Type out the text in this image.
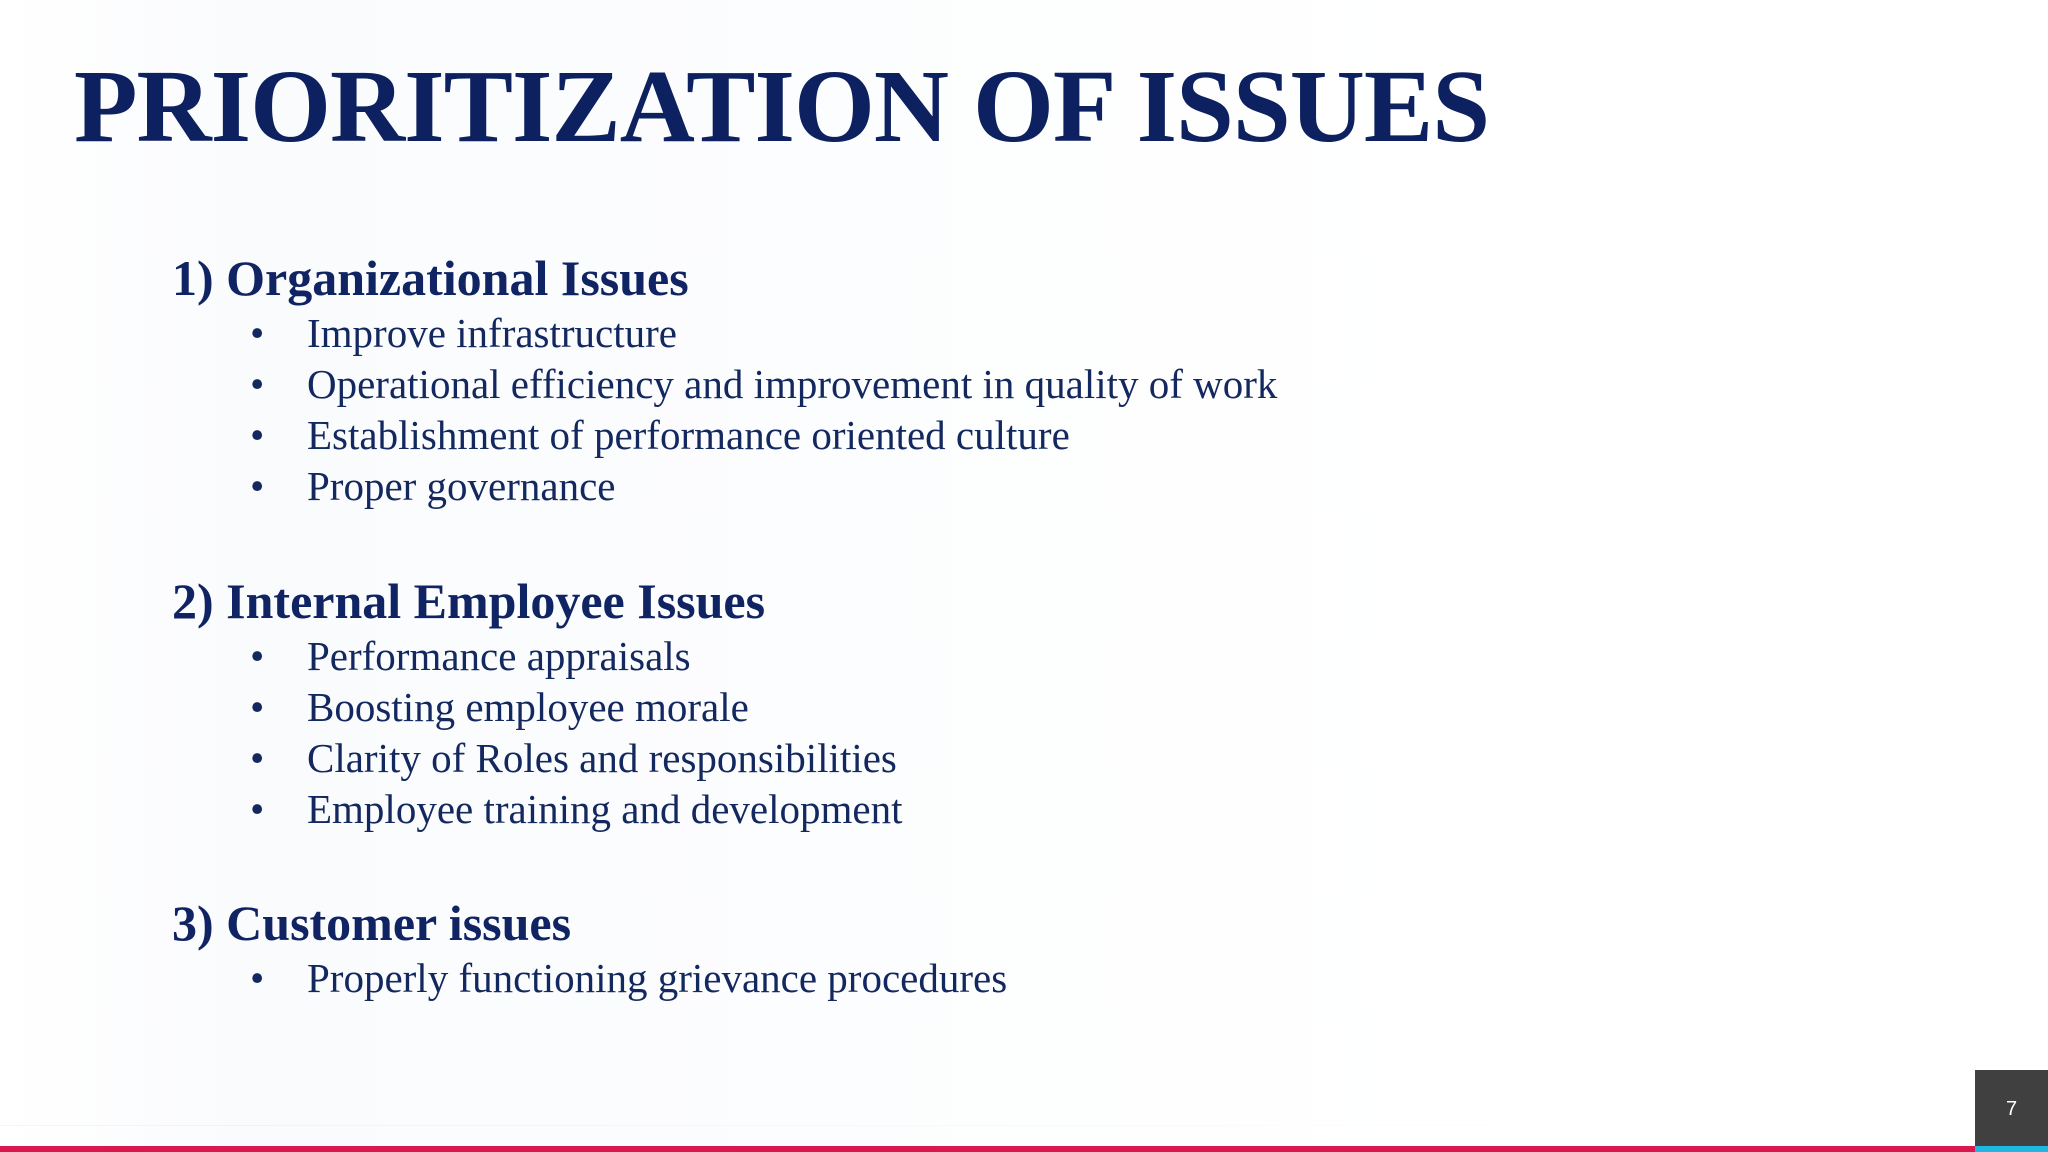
PRIORITIZATION OF ISSUES
1) Organizational Issues
• Improve infrastructure
• Operational efficiency and improvement in quality of work
• Establishment of performance oriented culture
• Proper governance
2) Internal Employee Issues
• Performance appraisals
• Boosting employee morale
• Clarity of Roles and responsibilities
• Employee training and development
3) Customer issues
• Properly functioning grievance procedures
7
